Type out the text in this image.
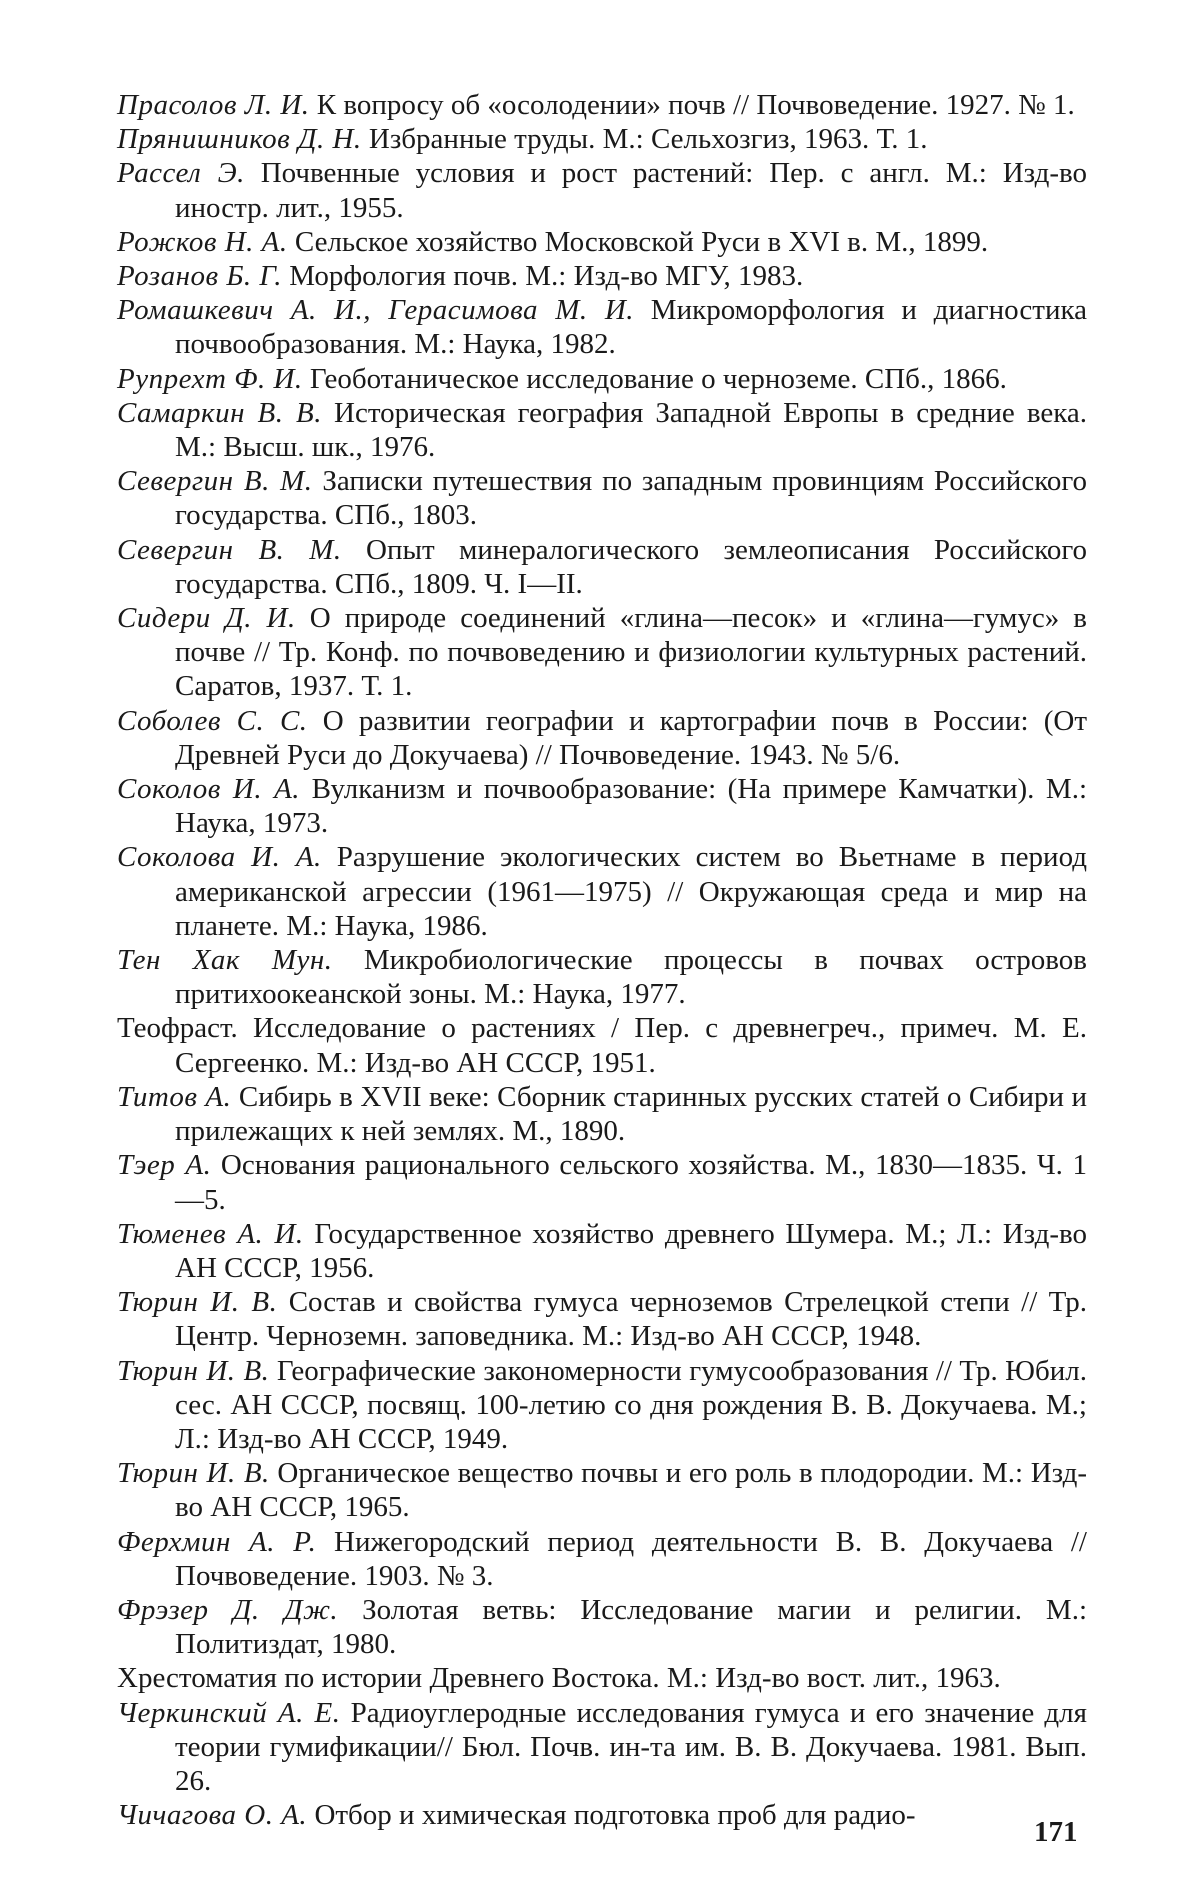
Прасолов Л. И. К вопросу об «осолодении» почв // Почвоведение. 1927. № 1.

Прянишников Д. Н. Избранные труды. М.: Сельхозгиз, 1963. Т. 1.

Рассел Э. Почвенные условия и рост растений: Пер. с англ. М.: Изд-во иностр. лит., 1955.

Рожков Н. А. Сельское хозяйство Московской Руси в XVI в. М., 1899.

Розанов Б. Г. Морфология почв. М.: Изд-во МГУ, 1983.

Ромашкевич А. И., Герасимова М. И. Микроморфология и диагностика почвообразования. М.: Наука, 1982.

Рупрехт Ф. И. Геоботаническое исследование о черноземе. СПб., 1866.

Самаркин В. В. Историческая география Западной Европы в средние века. М.: Высш. шк., 1976.

Севергин В. М. Записки путешествия по западным провинциям Российского государства. СПб., 1803.

Севергин В. М. Опыт минералогического землеописания Российского государства. СПб., 1809. Ч. I—II.

Сидери Д. И. О природе соединений «глина—песок» и «глина—гумус» в почве // Тр. Конф. по почвоведению и физиологии культурных растений. Саратов, 1937. Т. 1.

Соболев С. С. О развитии географии и картографии почв в России: (От Древней Руси до Докучаева) // Почвоведение. 1943. № 5/6.

Соколов И. А. Вулканизм и почвообразование: (На примере Камчатки). М.: Наука, 1973.

Соколова И. А. Разрушение экологических систем во Вьетнаме в период американской агрессии (1961—1975) // Окружающая среда и мир на планете. М.: Наука, 1986.

Тен Хак Мун. Микробиологические процессы в почвах островов притихоокеанской зоны. М.: Наука, 1977.

Теофраст. Исследование о растениях / Пер. с древнегреч., примеч. М. Е. Сергеенко. М.: Изд-во АН СССР, 1951.

Титов А. Сибирь в XVII веке: Сборник старинных русских статей о Сибири и прилежащих к ней землях. М., 1890.

Тэер А. Основания рационального сельского хозяйства. М., 1830—1835. Ч. 1—5.

Тюменев А. И. Государственное хозяйство древнего Шумера. М.; Л.: Изд-во АН СССР, 1956.

Тюрин И. В. Состав и свойства гумуса черноземов Стрелецкой степи // Тр. Центр. Черноземн. заповедника. М.: Изд-во АН СССР, 1948.

Тюрин И. В. Географические закономерности гумусообразования // Тр. Юбил. сес. АН СССР, посвящ. 100-летию со дня рождения В. В. Докучаева. М.; Л.: Изд-во АН СССР, 1949.

Тюрин И. В. Органическое вещество почвы и его роль в плодородии. М.: Изд-во АН СССР, 1965.

Ферхмин А. Р. Нижегородский период деятельности В. В. Докучаева // Почвоведение. 1903. № 3.

Фрэзер Д. Дж. Золотая ветвь: Исследование магии и религии. М.: Политиздат, 1980.

Хрестоматия по истории Древнего Востока. М.: Изд-во вост. лит., 1963.

Черкинский А. Е. Радиоуглеродные исследования гумуса и его значение для теории гумификации// Бюл. Почв. ин-та им. В. В. Докучаева. 1981. Вып. 26.

Чичагова О. А. Отбор и химическая подготовка проб для радио-

171
